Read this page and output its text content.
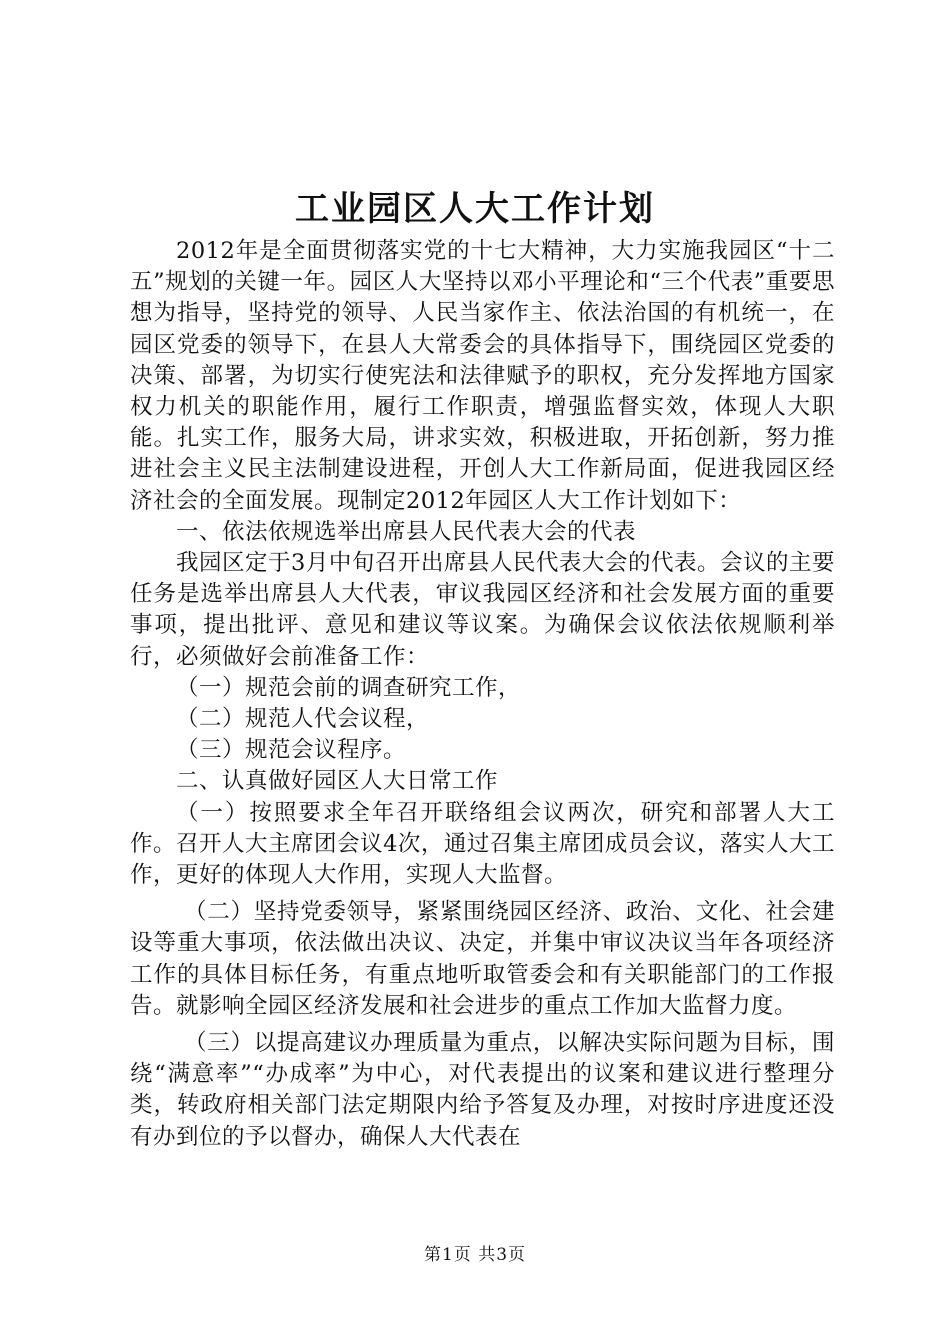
工业园区人大工作计划

2012年是全面贯彻落实党的十七大精神，大力实施我园区“十二五”规划的关键一年。园区人大坚持以邓小平理论和“三个代表”重要思想为指导，坚持党的领导、人民当家作主、依法治国的有机统一，在园区党委的领导下，在县人大常委会的具体指导下，围绕园区党委的决策、部署，为切实行使宪法和法律赋予的职权，充分发挥地方国家权力机关的职能作用，履行工作职责，增强监督实效，体现人大职能。扎实工作，服务大局，讲求实效，积极进取，开拓创新，努力推进社会主义民主法制建设进程，开创人大工作新局面，促进我园区经济社会的全面发展。现制定2012年园区人大工作计划如下：

一、依法依规选举出席县人民代表大会的代表

我园区定于3月中旬召开出席县人民代表大会的代表。会议的主要任务是选举出席县人大代表，审议我园区经济和社会发展方面的重要事项，提出批评、意见和建议等议案。为确保会议依法依规顺利举行，必须做好会前准备工作：

（一）规范会前的调查研究工作，

（二）规范人代会议程，

（三）规范会议程序。

二、认真做好园区人大日常工作

（一）按照要求全年召开联络组会议两次，研究和部署人大工作。召开人大主席团会议4次，通过召集主席团成员会议，落实人大工作，更好的体现人大作用，实现人大监督。

（二）坚持党委领导，紧紧围绕园区经济、政治、文化、社会建设等重大事项，依法做出决议、决定，并集中审议决议当年各项经济工作的具体目标任务，有重点地听取管委会和有关职能部门的工作报告。就影响全园区经济发展和社会进步的重点工作加大监督力度。

（三）以提高建议办理质量为重点，以解决实际问题为目标，围绕“满意率”“办成率”为中心，对代表提出的议案和建议进行整理分类，转政府相关部门法定期限内给予答复及办理，对按时序进度还没有办到位的予以督办，确保人大代表在

第1页 共3页
